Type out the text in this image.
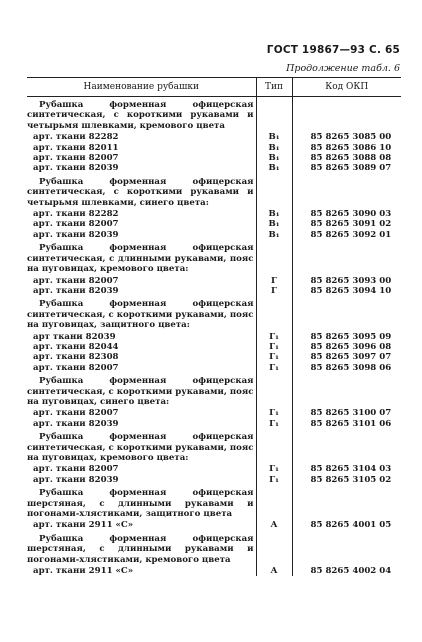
ГОСТ 19867—93 С. 65
Продолжение табл. 6
Наименование рубашки	Тип	Код ОКП
Рубашка форменная офицерская синтетическая, с короткими рукавами и четырьмя шлевками, кремового цвета		
арт. ткани 82282	В₁	85 8265 3085 00
арт. ткани 82011	В₁	85 8265 3086 10
арт. ткани 82007	В₁	85 8265 3088 08
арт. ткани 82039	В₁	85 8265 3089 07
Рубашка форменная офицерская синтетическая, с короткими рукавами и четырьмя шлевками, синего цвета:		
арт. ткани 82282	В₁	85 8265 3090 03
арт. ткани 82007	В₁	85 8265 3091 02
арт. ткани 82039	В₁	85 8265 3092 01
Рубашка форменная офицерская синтетическая, с длинными рукавами, пояс на пуговицах, кремового цвета:		
арт. ткани 82007	Г	85 8265 3093 00
арт. ткани 82039	Г	85 8265 3094 10
Рубашка форменная офицерская синтетическая, с короткими рукавами, пояс на пуговицах, защитного цвета:		
арт ткани 82039	Г₁	85 8265 3095 09
арт. ткани 82044	Г₁	85 8265 3096 08
арт. ткани 82308	Г₁	85 8265 3097 07
арт. ткани 82007	Г₁	85 8265 3098 06
Рубашка форменная офицерская синтетическая, с короткими рукавами, пояс на пуговицах, синего цвета:		
арт. ткани 82007	Г₁	85 8265 3100 07
арт. ткани 82039	Г₁	85 8265 3101 06
Рубашка форменная офицерская синтетическая, с короткими рукавами, пояс на пуговицах, кремового цвета:		
арт. ткани 82007	Г₁	85 8265 3104 03
арт. ткани 82039	Г₁	85 8265 3105 02
Рубашка форменная офицерская шерстяная, с длинными рукавами и погонами-хлястиками, защитного цвета		
арт. ткани 2911 «С»	А	85 8265 4001 05
Рубашка форменная офицерская шерстяная, с длинными рукавами и погонами-хлястиками, кремового цвета		
арт. ткани 2911 «С»	А	85 8265 4002 04
